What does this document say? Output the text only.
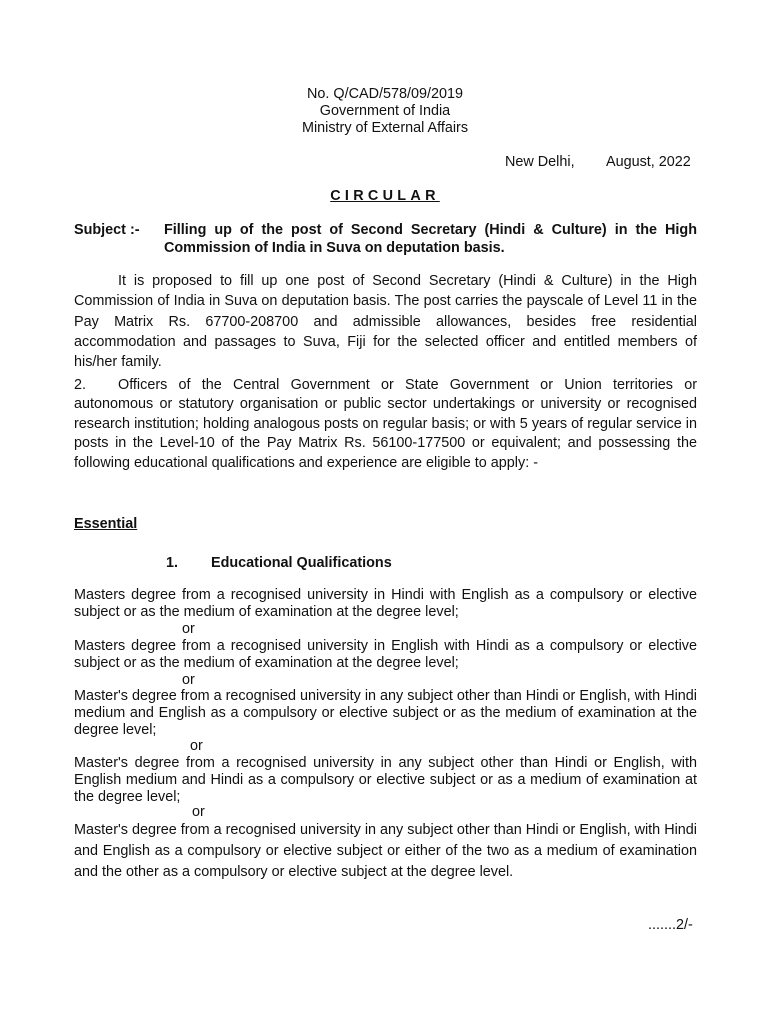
No. Q/CAD/578/09/2019

Government of India

Ministry of External Affairs

New Delhi, August, 2022

CIRCULAR

Subject :- Filling up of the post of Second Secretary (Hindi & Culture) in the High Commission of India in Suva on deputation basis.

It is proposed to fill up one post of Second Secretary (Hindi & Culture) in the High Commission of India in Suva on deputation basis. The post carries the payscale of Level 11 in the Pay Matrix Rs. 67700-208700 and admissible allowances, besides free residential accommodation and passages to Suva, Fiji for the selected officer and entitled members of his/her family.

2. Officers of the Central Government or State Government or Union territories or autonomous or statutory organisation or public sector undertakings or university or recognised research institution; holding analogous posts on regular basis; or with 5 years of regular service in posts in the Level-10 of the Pay Matrix Rs. 56100-177500 or equivalent; and possessing the following educational qualifications and experience are eligible to apply: -

Essential

1. Educational Qualifications

Masters degree from a recognised university in Hindi with English as a compulsory or elective subject or as the medium of examination at the degree level;

or

Masters degree from a recognised university in English with Hindi as a compulsory or elective subject or as the medium of examination at the degree level;

or

Master's degree from a recognised university in any subject other than Hindi or English, with Hindi medium and English as a compulsory or elective subject or as the medium of examination at the degree level;

or

Master's degree from a recognised university in any subject other than Hindi or English, with English medium and Hindi as a compulsory or elective subject or as a medium of examination at the degree level;

or

Master's degree from a recognised university in any subject other than Hindi or English, with Hindi and English as a compulsory or elective subject or either of the two as a medium of examination and the other as a compulsory or elective subject at the degree level.

.......2/-
